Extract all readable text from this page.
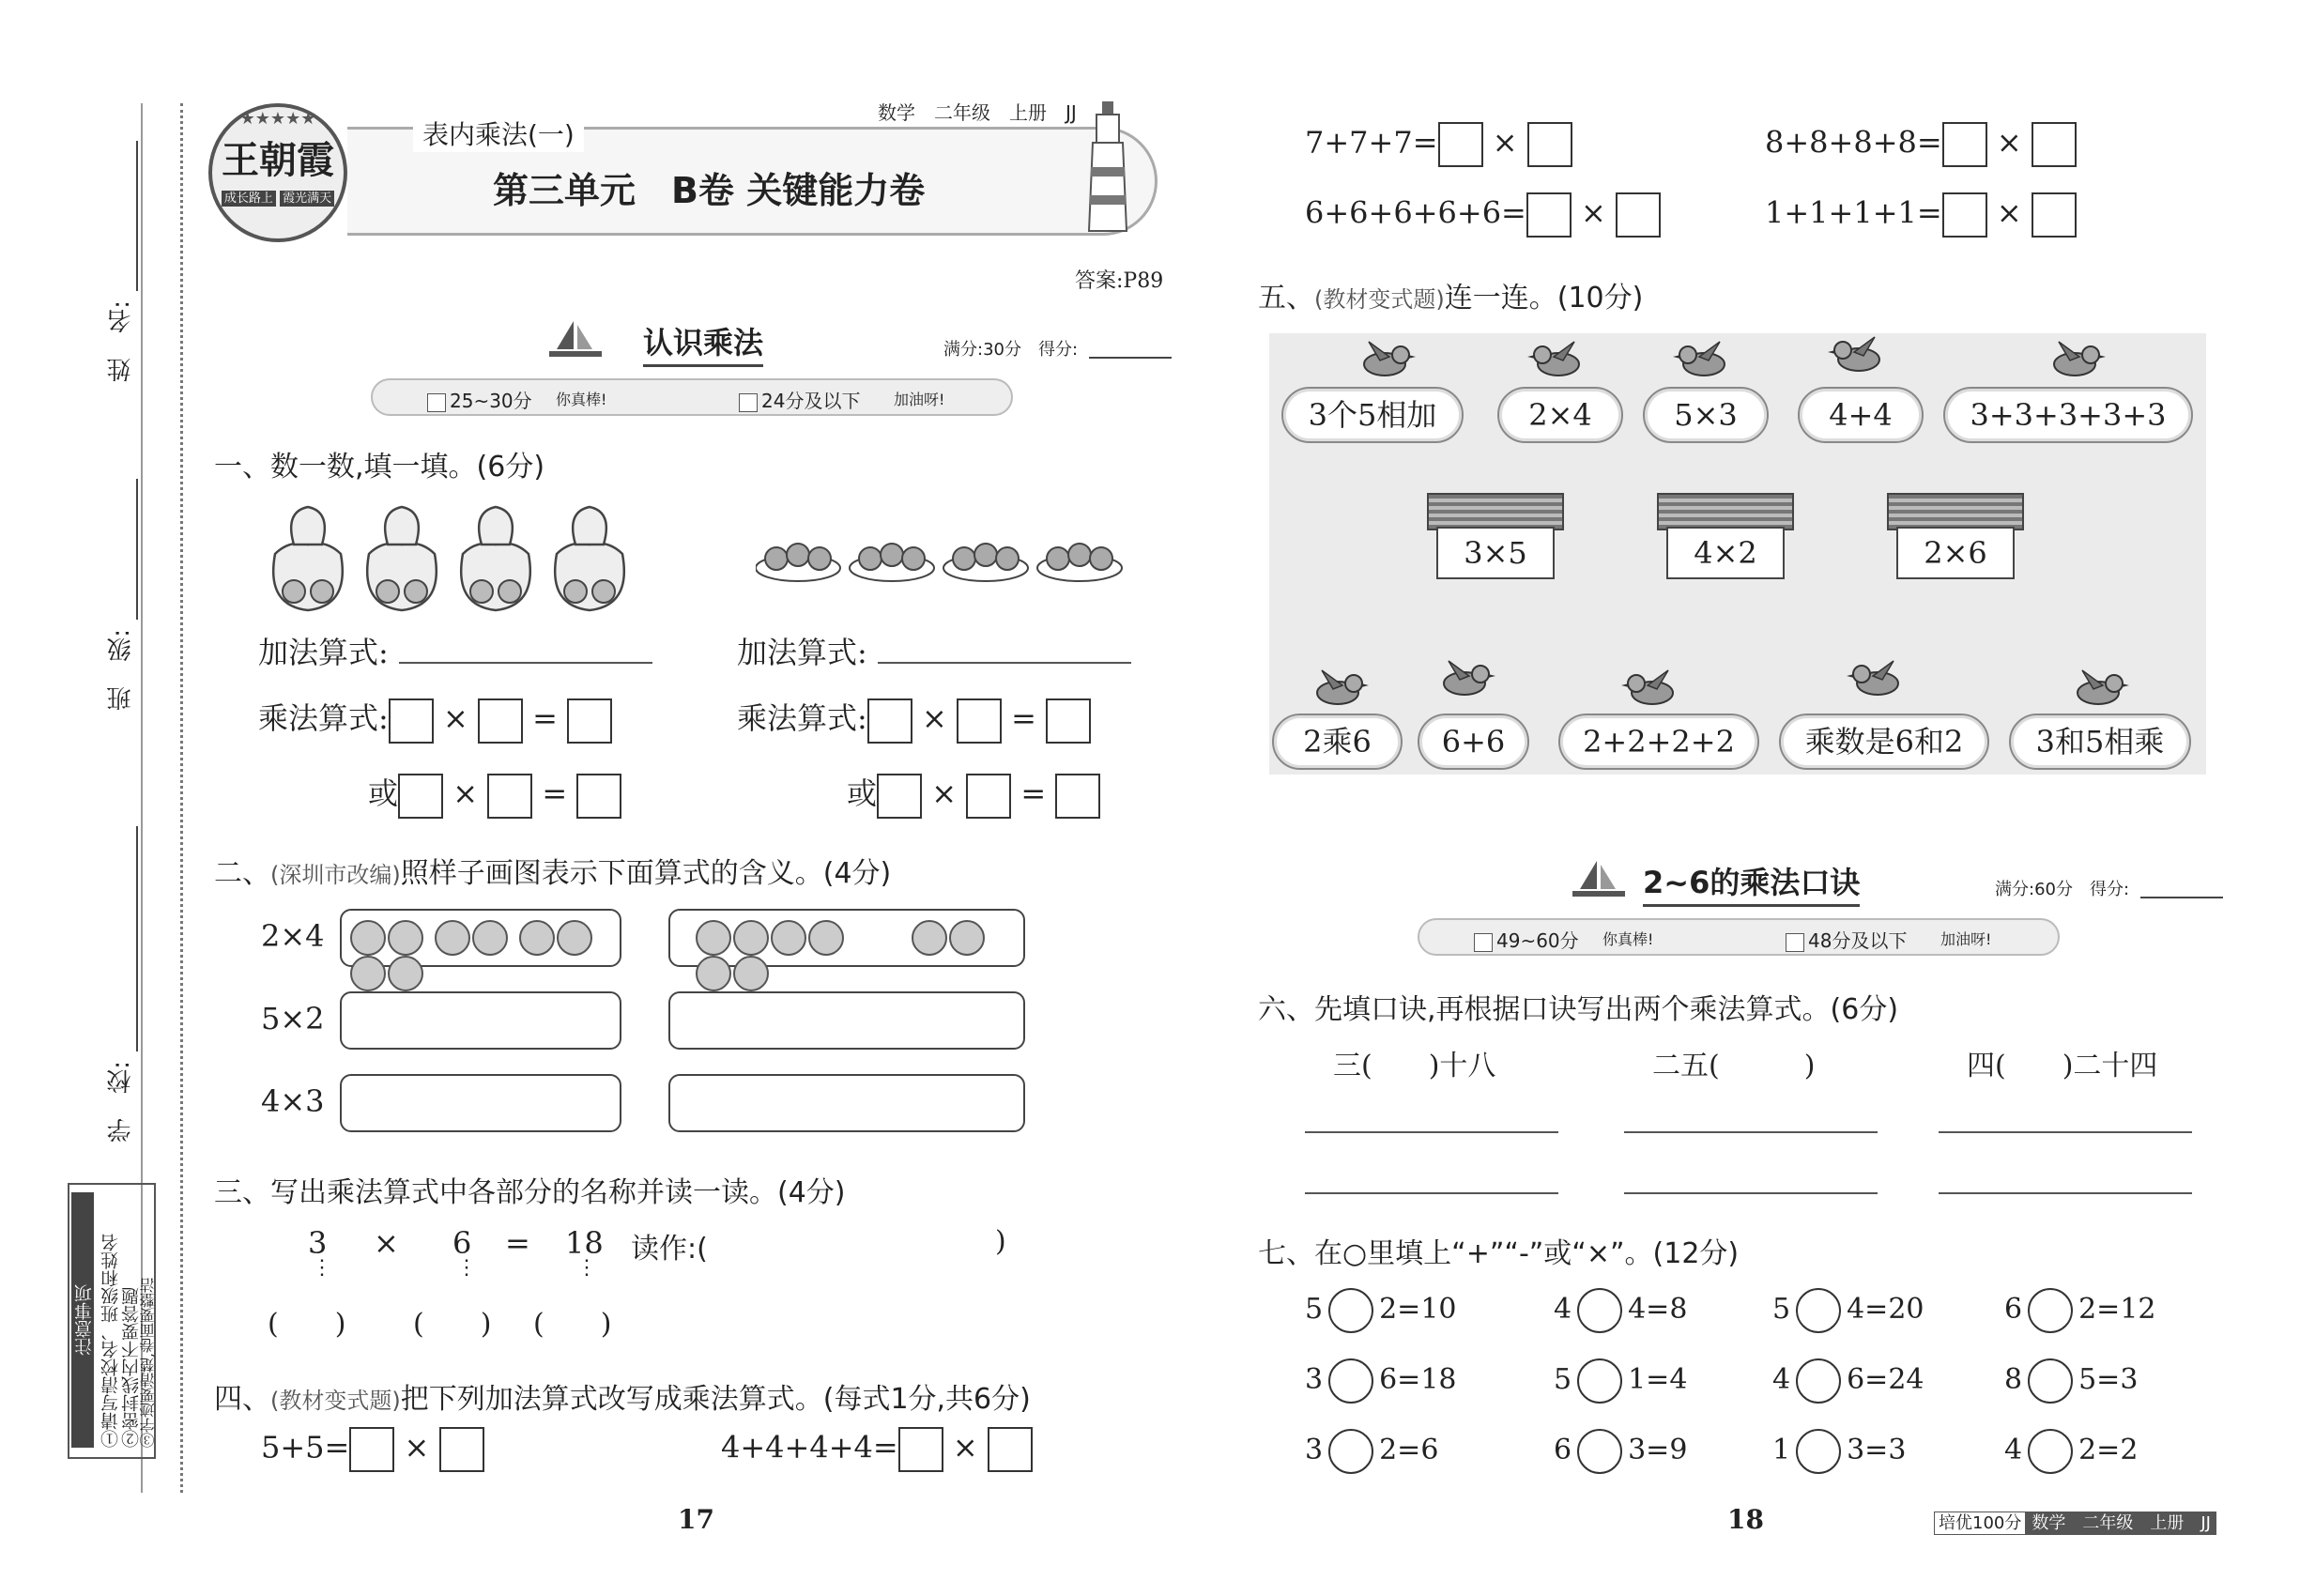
姓　名:
班　级:
学　校:
注意事项 ①请写清校名、班级和姓名 ②密封线内不要答题
③字迹要清楚,卷面要整洁
★★★★★
王朝霞
成长路上 霞光满天
表内乘法(一)
数学　二年级　上册　JJ
第三单元　B卷 关键能力卷
答案:P89
认识乘法	满分:30分　得分:
25~30分 你真棒!	24分及以下 加油呀!
一、数一数,填一填。(6分)
加法算式:	加法算式:
乘法算式: × =
或 × =
乘法算式: × =
或 × =
二、(深圳市改编)照样子画图表示下面算式的含义。(4分)
2×4
5×2
4×3

三、写出乘法算式中各部分的名称并读一读。(4分)
3 × 6 = 18 读作:(	)
⋮	⋮	⋮
(　　) (　　) (　　)
四、(教材变式题)把下列加法算式改写成乘法算式。(每式1分,共6分)
5+5= ×	4+4+4+4= ×
17
7+7+7= ×	8+8+8+8= ×
6+6+6+6+6= ×	1+1+1+1= ×
五、(教材变式题)连一连。(10分)
3个5相加	2×4	5×3	4+4	3+3+3+3+3
3×5	4×2	2×6
2乘6	6+6	2+2+2+2	乘数是6和2	3和5相乘
2~6的乘法口诀	满分:60分　得分:
49~60分 你真棒!	48分及以下 加油呀!
六、先填口诀,再根据口诀写出两个乘法算式。(6分)
三(　　)十八	二五(　　　)	四(　　)二十四
七、在○里填上“+”“-”或“×”。(12分)
5 2=10	4 4=8	5 4=20	6 2=12
3 6=18	5 1=4	4 6=24	8 5=3
3 2=6	6 3=9	1 3=3	4 2=2
18	培优100分 数学　二年级　上册　JJ
